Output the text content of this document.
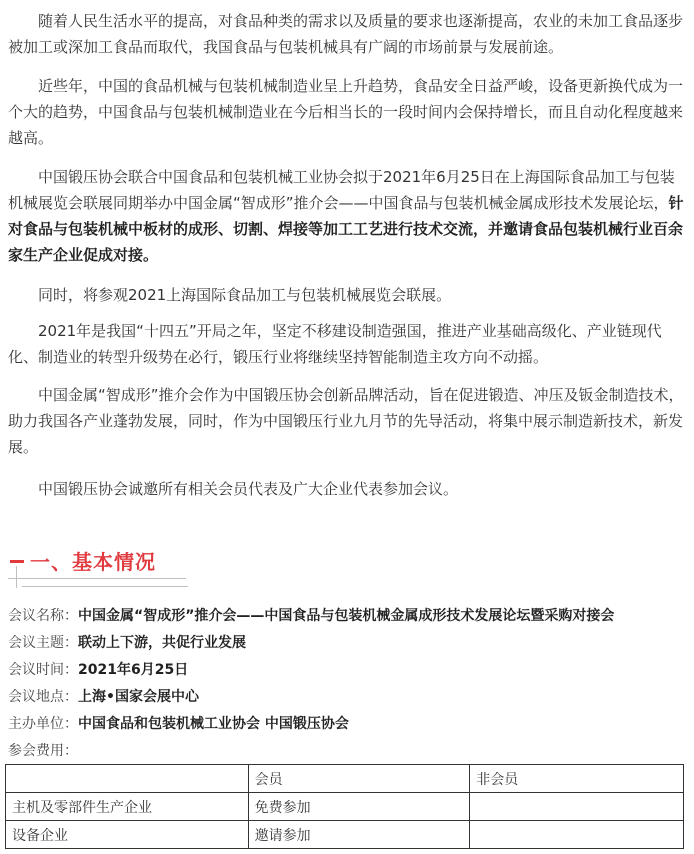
随着人民生活水平的提高，对食品种类的需求以及质量的要求也逐渐提高，农业的未加工食品逐步被加工或深加工食品而取代，我国食品与包装机械具有广阔的市场前景与发展前途。

近些年，中国的食品机械与包装机械制造业呈上升趋势，食品安全日益严峻，设备更新换代成为一个大的趋势，中国食品与包装机械制造业在今后相当长的一段时间内会保持增长，而且自动化程度越来越高。

中国锻压协会联合中国食品和包装机械工业协会拟于2021年6月25日在上海国际食品加工与包装机械展览会联展同期举办中国金属“智成形”推介会——中国食品与包装机械金属成形技术发展论坛，针对食品与包装机械中板材的成形、切割、焊接等加工工艺进行技术交流，并邀请食品包装机械行业百余家生产企业促成对接。

同时，将参观2021上海国际食品加工与包装机械展览会联展。

2021年是我国“十四五”开局之年，坚定不移建设制造强国，推进产业基础高级化、产业链现代化、制造业的转型升级势在必行，锻压行业将继续坚持智能制造主攻方向不动摇。

中国金属“智成形”推介会作为中国锻压协会创新品牌活动，旨在促进锻造、冲压及钣金制造技术，助力我国各产业蓬勃发展，同时，作为中国锻压行业九月节的先导活动，将集中展示制造新技术，新发展。

中国锻压协会诚邀所有相关会员代表及广大企业代表参加会议。

一、基本情况
会议名称：中国金属“智成形”推介会——中国食品与包装机械金属成形技术发展论坛暨采购对接会
会议主题：联动上下游，共促行业发展
会议时间：2021年6月25日
会议地点：上海•国家会展中心
主办单位：中国食品和包装机械工业协会 中国锻压协会
参会费用：
	会员	非会员
主机及零部件生产企业	免费参加	
设备企业	邀请参加	
